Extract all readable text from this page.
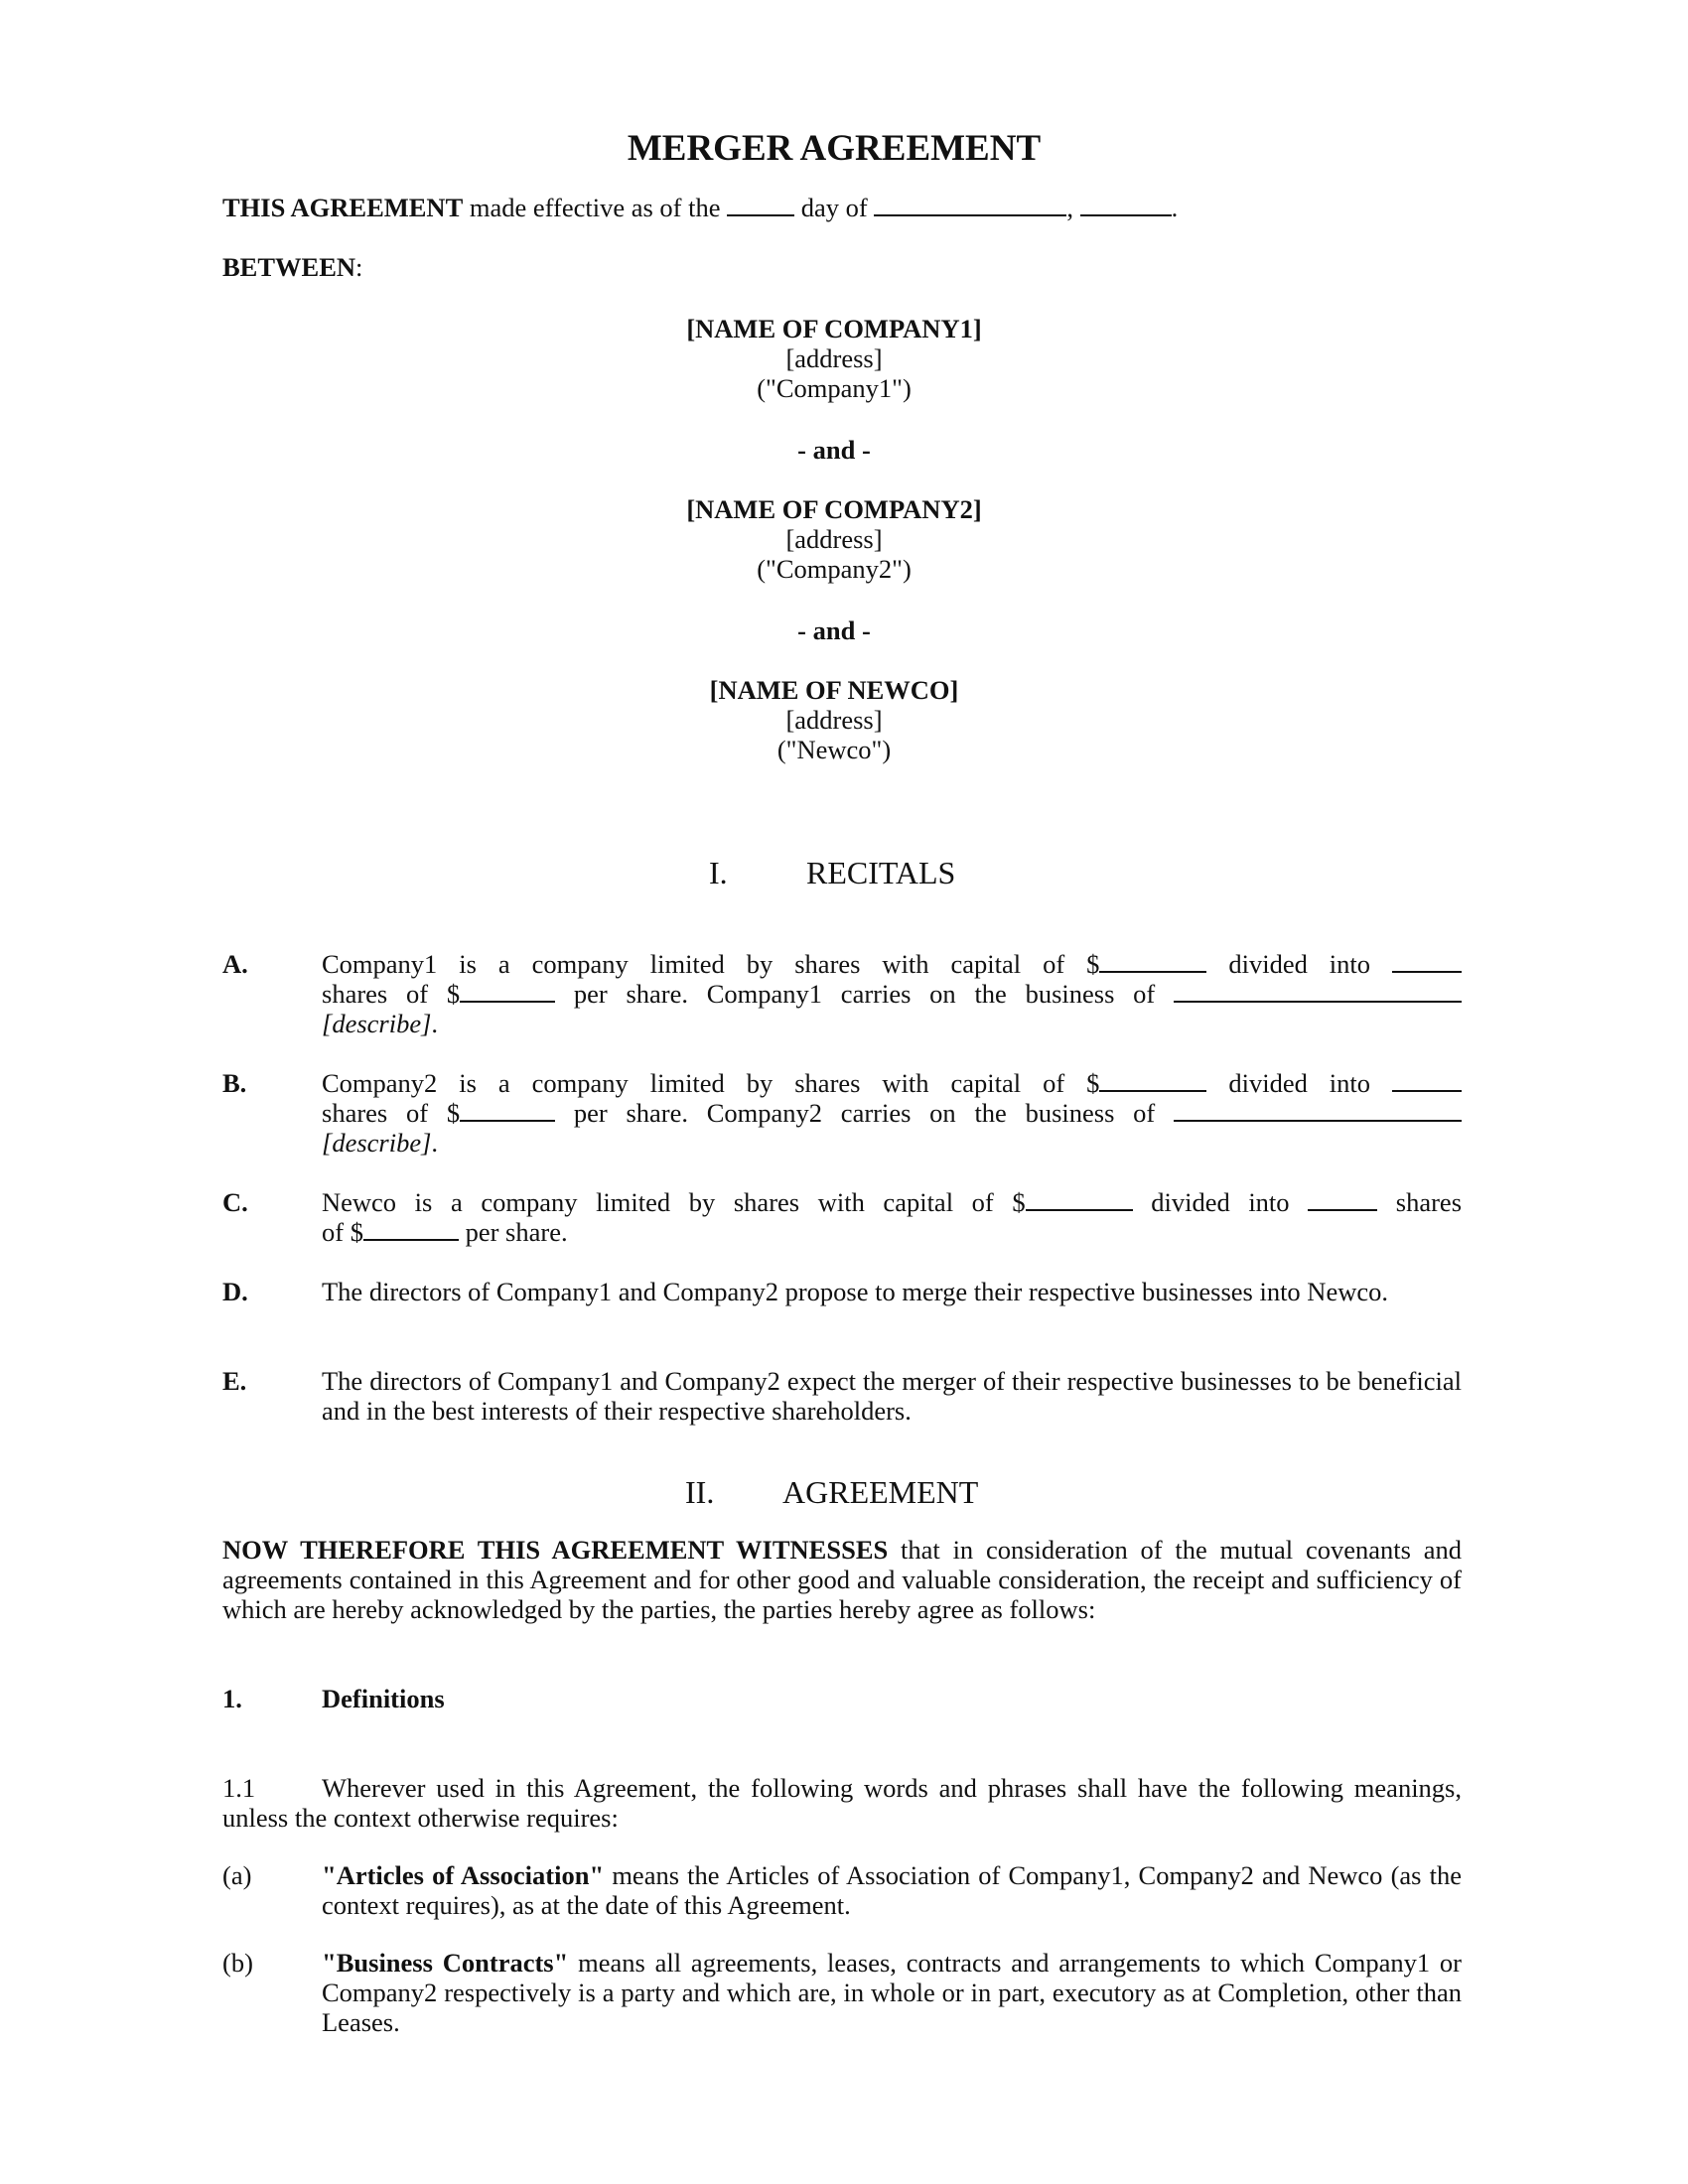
MERGER AGREEMENT
THIS AGREEMENT made effective as of the	day of	,	.
BETWEEN:
[NAME OF COMPANY1]
[address]
("Company1")
- and -
[NAME OF COMPANY2]
[address]
("Company2")
- and -
[NAME OF NEWCO]
[address]
("Newco")
I. RECITALS
A.	Company1 is a company limited by shares with capital of $	divided into
shares of $	per share. Company1 carries on the business of
[describe].
B.	Company2 is a company limited by shares with capital of $	divided into
shares of $	per share. Company2 carries on the business of
[describe].
C.	Newco is a company limited by shares with capital of $	divided into	shares
of $	per share.
D.	The directors of Company1 and Company2 propose to merge their respective businesses into Newco.
E.	The directors of Company1 and Company2 expect the merger of their respective businesses to be beneficial and in the best interests of their respective shareholders.
II. AGREEMENT
NOW THEREFORE THIS AGREEMENT WITNESSES that in consideration of the mutual covenants and agreements contained in this Agreement and for other good and valuable consideration, the receipt and sufficiency of which are hereby acknowledged by the parties, the parties hereby agree as follows:
1.	Definitions
1.1	Wherever used in this Agreement, the following words and phrases shall have the following meanings, unless the context otherwise requires:
(a)	"Articles of Association" means the Articles of Association of Company1, Company2 and Newco (as the context requires), as at the date of this Agreement.
(b)	"Business Contracts" means all agreements, leases, contracts and arrangements to which Company1 or Company2 respectively is a party and which are, in whole or in part, executory as at Completion, other than Leases.
